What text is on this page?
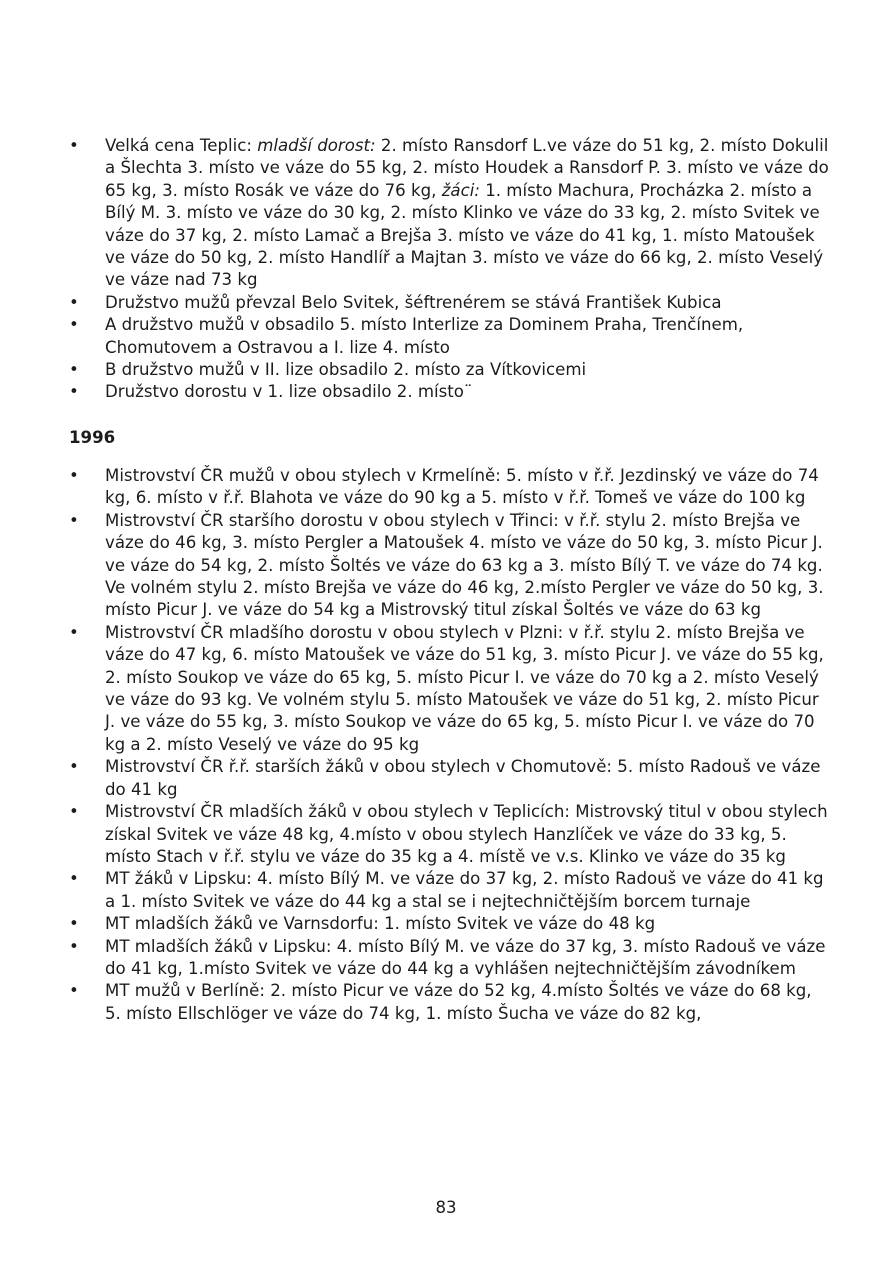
• Velká cena Teplic: mladší dorost: 2. místo Ransdorf L.ve váze do 51 kg, 2. místo Dokulil a Šlechta 3. místo ve váze do 55 kg, 2. místo Houdek a Ransdorf P. 3. místo ve váze do 65 kg, 3. místo Rosák ve váze do 76 kg, žáci: 1. místo Machura, Procházka 2. místo a Bílý M. 3. místo ve váze do 30 kg, 2. místo Klinko ve váze do 33 kg, 2. místo Svitek ve váze do 37 kg, 2. místo Lamač a Brejša 3. místo ve váze do 41 kg, 1. místo Matoušek ve váze do 50 kg, 2. místo Handlíř a Majtan 3. místo ve váze do 66 kg, 2. místo Veselý ve váze nad 73 kg
• Družstvo mužů převzal Belo Svitek, šéftrenérem se stává František Kubica
• A družstvo mužů v obsadilo 5. místo Interlize za Dominem Praha, Trenčínem, Chomutovem a Ostravou a I. lize 4. místo
• B družstvo mužů v II. lize obsadilo 2. místo za Vítkovicemi
• Družstvo dorostu v 1. lize obsadilo 2. místo¨
1996
• Mistrovství ČR mužů v obou stylech v Krmelíně: 5. místo v ř.ř. Jezdinský ve váze do 74 kg, 6. místo v ř.ř. Blahota ve váze do 90 kg a 5. místo v ř.ř. Tomeš ve váze do 100 kg
• Mistrovství ČR staršího dorostu v obou stylech v Třinci: v ř.ř. stylu 2. místo Brejša ve váze do 46 kg, 3. místo Pergler a Matoušek 4. místo ve váze do 50 kg, 3. místo Picur J. ve váze do 54 kg, 2. místo Šoltés ve váze do 63 kg a 3. místo Bílý T. ve váze do 74 kg. Ve volném stylu 2. místo Brejša ve váze do 46 kg, 2.místo Pergler ve váze do 50 kg, 3. místo Picur J. ve váze do 54 kg a Mistrovský titul získal Šoltés ve váze do 63 kg
• Mistrovství ČR mladšího dorostu v obou stylech v Plzni: v ř.ř. stylu 2. místo Brejša ve váze do 47 kg, 6. místo Matoušek ve váze do 51 kg, 3. místo Picur J. ve váze do 55 kg, 2. místo Soukop ve váze do 65 kg, 5. místo Picur I. ve váze do 70 kg a 2. místo Veselý ve váze do 93 kg. Ve volném stylu 5. místo Matoušek ve váze do 51 kg, 2. místo Picur J. ve váze do 55 kg, 3. místo Soukop ve váze do 65 kg, 5. místo Picur I. ve váze do 70 kg a 2. místo Veselý ve váze do 95 kg
• Mistrovství ČR ř.ř. starších žáků v obou stylech v Chomutově: 5. místo Radouš ve váze do 41 kg
• Mistrovství ČR mladších žáků v obou stylech v Teplicích: Mistrovský titul v obou stylech získal Svitek ve váze 48 kg, 4.místo v obou stylech Hanzlíček ve váze do 33 kg, 5. místo Stach v ř.ř. stylu ve váze do 35 kg a 4. místě ve v.s. Klinko ve váze do 35 kg
• MT žáků v Lipsku: 4. místo Bílý M. ve váze do 37 kg, 2. místo Radouš ve váze do 41 kg a 1. místo Svitek ve váze do 44 kg a stal se i nejtechničtějším borcem turnaje
• MT mladších žáků ve Varnsdorfu: 1. místo Svitek ve váze do 48 kg
• MT mladších žáků v Lipsku: 4. místo Bílý M. ve váze do 37 kg, 3. místo Radouš ve váze do 41 kg, 1.místo Svitek ve váze do 44 kg a vyhlášen nejtechničtějším závodníkem
• MT mužů v Berlíně: 2. místo Picur ve váze do 52 kg, 4.místo Šoltés ve váze do 68 kg, 5. místo Ellschlöger ve váze do 74 kg, 1. místo Šucha ve váze do 82 kg,
83
